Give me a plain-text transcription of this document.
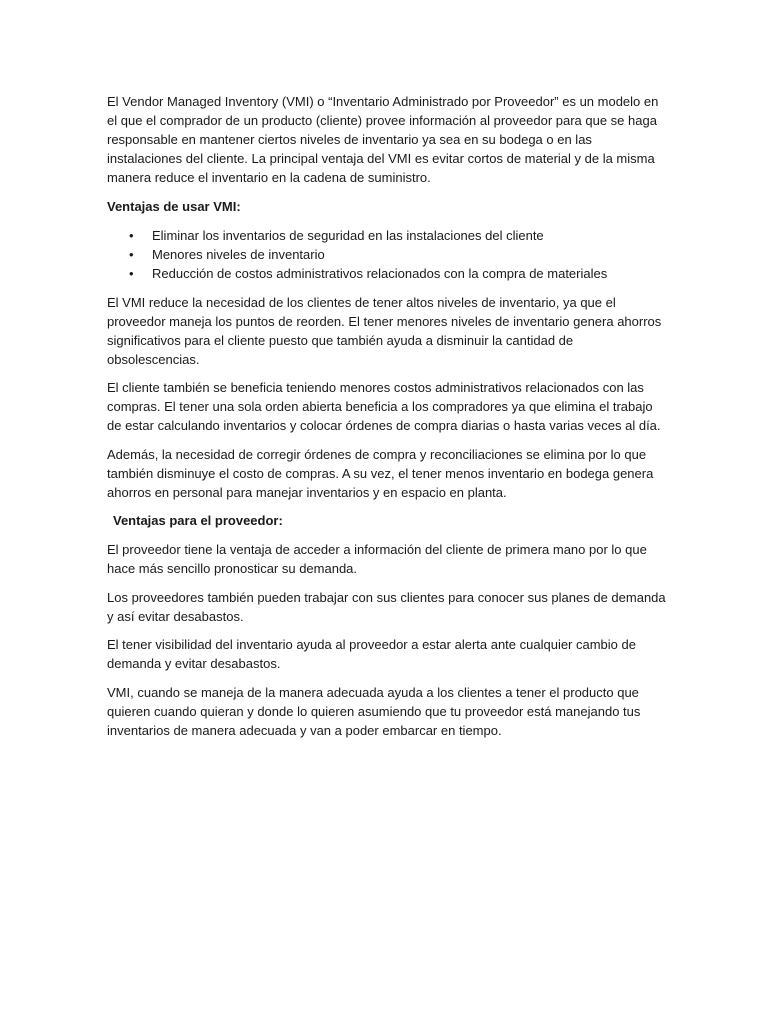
El Vendor Managed Inventory (VMI) o “Inventario Administrado por Proveedor” es un modelo en el que el comprador de un producto (cliente) provee información al proveedor para que se haga responsable en mantener ciertos niveles de inventario ya sea en su bodega o en las instalaciones del cliente. La principal ventaja del VMI es evitar cortos de material y de la misma manera reduce el inventario en la cadena de suministro.

Ventajas de usar VMI:

• Eliminar los inventarios de seguridad en las instalaciones del cliente
• Menores niveles de inventario
• Reducción de costos administrativos relacionados con la compra de materiales

El VMI reduce la necesidad de los clientes de tener altos niveles de inventario, ya que el proveedor maneja los puntos de reorden. El tener menores niveles de inventario genera ahorros significativos para el cliente puesto que también ayuda a disminuir la cantidad de obsolescencias.

El cliente también se beneficia teniendo menores costos administrativos relacionados con las compras. El tener una sola orden abierta beneficia a los compradores ya que elimina el trabajo de estar calculando inventarios y colocar órdenes de compra diarias o hasta varias veces al día.

Además, la necesidad de corregir órdenes de compra y reconciliaciones se elimina por lo que también disminuye el costo de compras. A su vez, el tener menos inventario en bodega genera ahorros en personal para manejar inventarios y en espacio en planta.

Ventajas para el proveedor:

El proveedor tiene la ventaja de acceder a información del cliente de primera mano por lo que hace más sencillo pronosticar su demanda.

Los proveedores también pueden trabajar con sus clientes para conocer sus planes de demanda y así evitar desabastos.

El tener visibilidad del inventario ayuda al proveedor a estar alerta ante cualquier cambio de demanda y evitar desabastos.

VMI, cuando se maneja de la manera adecuada ayuda a los clientes a tener el producto que quieren cuando quieran y donde lo quieren asumiendo que tu proveedor está manejando tus inventarios de manera adecuada y van a poder embarcar en tiempo.
